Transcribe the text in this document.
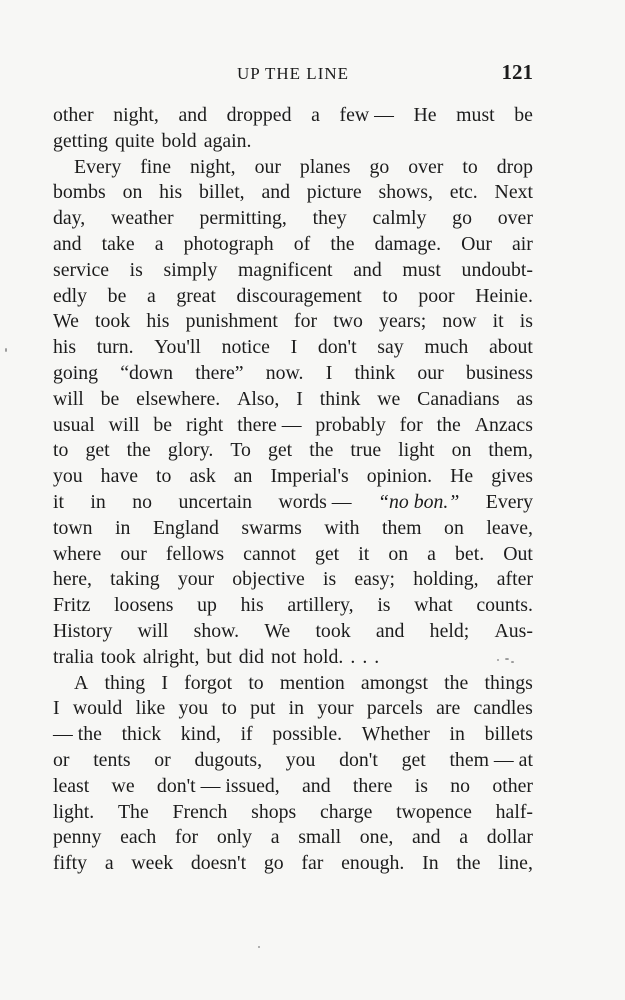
UP THE LINE	121
other night, and dropped a few — He must be
getting quite bold again.
Every fine night, our planes go over to drop
bombs on his billet, and picture shows, etc. Next
day, weather permitting, they calmly go over
and take a photograph of the damage. Our air
service is simply magnificent and must undoubt-
edly be a great discouragement to poor Heinie.
We took his punishment for two years; now it is
his turn. You'll notice I don't say much about
going “down there” now. I think our business
will be elsewhere. Also, I think we Canadians as
usual will be right there — probably for the Anzacs
to get the glory. To get the true light on them,
you have to ask an Imperial's opinion. He gives
it in no uncertain words — “no bon.” Every
town in England swarms with them on leave,
where our fellows cannot get it on a bet. Out
here, taking your objective is easy; holding, after
Fritz loosens up his artillery, is what counts.
History will show. We took and held; Aus-
tralia took alright, but did not hold. . . .
A thing I forgot to mention amongst the things
I would like you to put in your parcels are candles
— the thick kind, if possible. Whether in billets
or tents or dugouts, you don't get them — at
least we don't — issued, and there is no other
light. The French shops charge twopence half-
penny each for only a small one, and a dollar
fifty a week doesn't go far enough. In the line,
